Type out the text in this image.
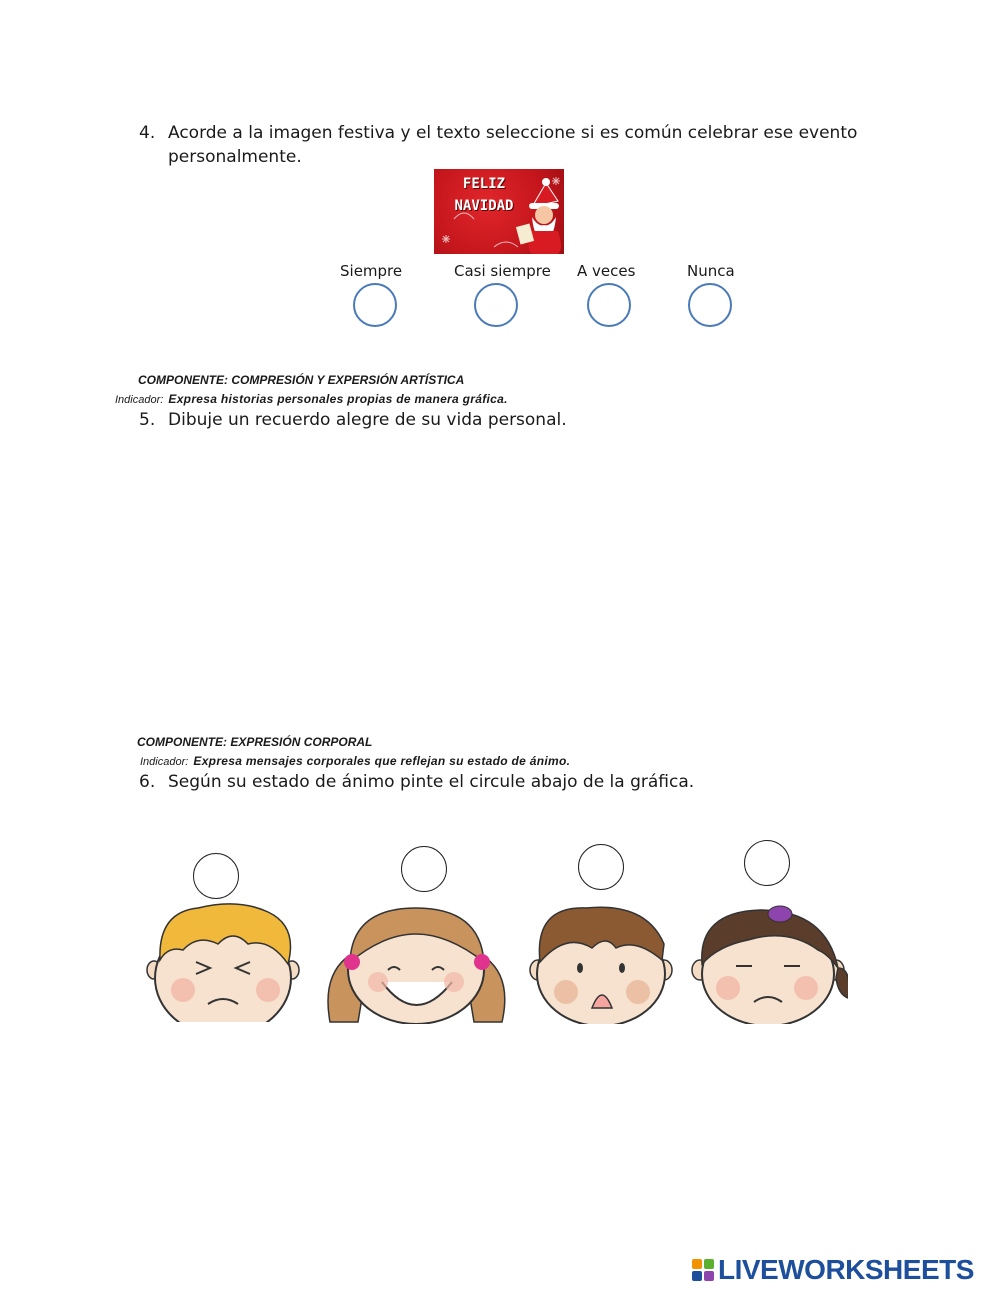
4. Acorde a la imagen festiva y el texto seleccione si es común celebrar ese evento
personalmente.
FELIZ
NAVIDAD
Siempre	Casi siempre A veces	Nunca
COMPONENTE: COMPRESIÓN Y EXPERSIÓN ARTÍSTICA
Indicador: Expresa historias personales propias de manera gráfica.
5. Dibuje un recuerdo alegre de su vida personal.
COMPONENTE: EXPRESIÓN CORPORAL
Indicador: Expresa mensajes corporales que reflejan su estado de ánimo.
6. Según su estado de ánimo pinte el circule abajo de la gráfica.
LIVEWORKSHEETS
